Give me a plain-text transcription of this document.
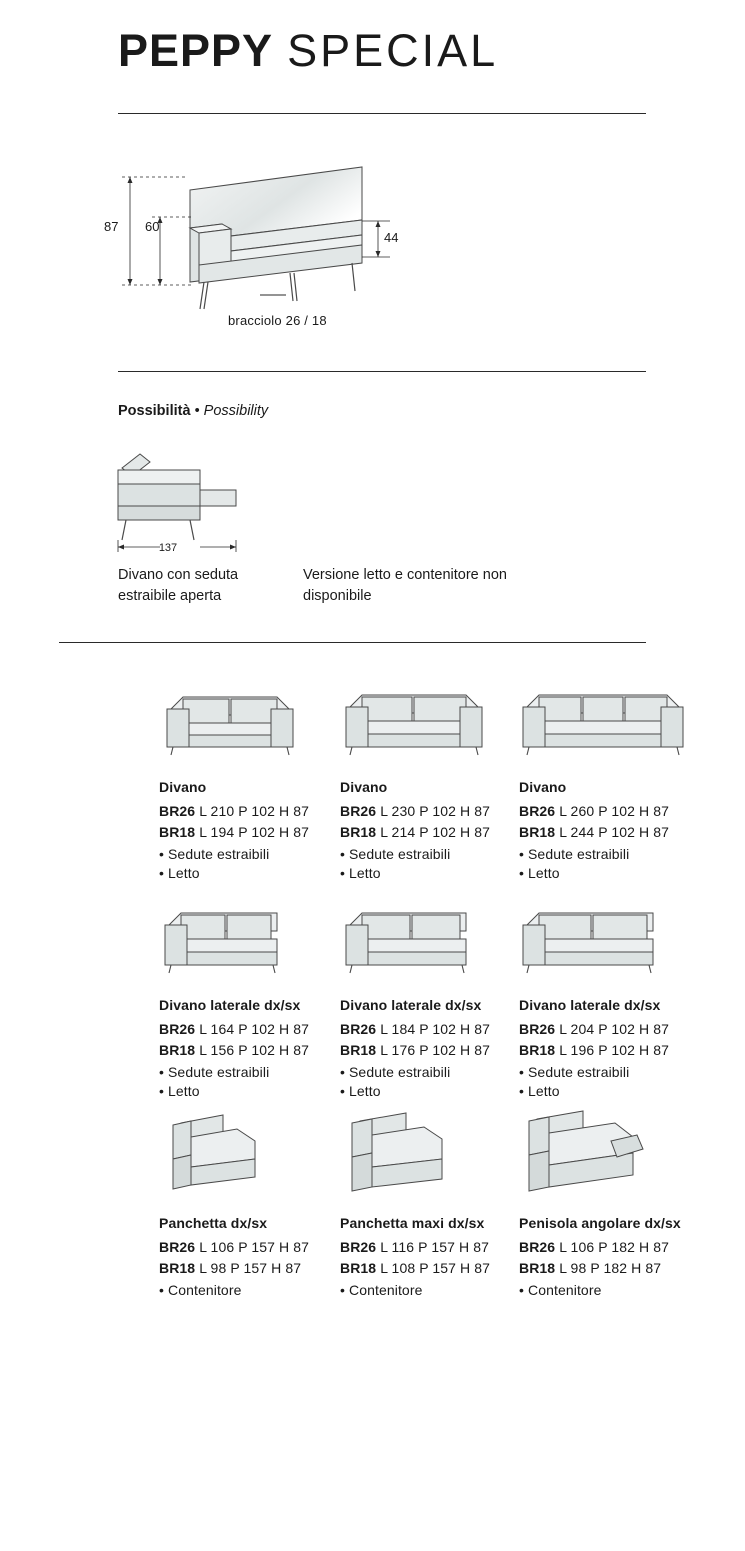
PEPPY SPECIAL
87 60
44
bracciolo 26 / 18
Possibilità • Possibility
137
Divano con seduta estraibile aperta
Versione letto e contenitore non disponibile
Divano
BR26 L 210 P 102 H 87
BR18 L 194 P 102 H 87
• Sedute estraibili
• Letto
Divano
BR26 L 230 P 102 H 87
BR18 L 214 P 102 H 87
• Sedute estraibili
• Letto
Divano
BR26 L 260 P 102 H 87
BR18 L 244 P 102 H 87
• Sedute estraibili
• Letto
Divano laterale dx/sx
BR26 L 164 P 102 H 87
BR18 L 156 P 102 H 87
• Sedute estraibili
• Letto
Divano laterale dx/sx
BR26 L 184 P 102 H 87
BR18 L 176 P 102 H 87
• Sedute estraibili
• Letto
Divano laterale dx/sx
BR26 L 204 P 102 H 87
BR18 L 196 P 102 H 87
• Sedute estraibili
• Letto
Panchetta dx/sx
BR26 L 106 P 157 H 87
BR18 L 98 P 157 H 87
• Contenitore
Panchetta maxi dx/sx
BR26 L 116 P 157 H 87
BR18 L 108 P 157 H 87
• Contenitore
Penisola angolare dx/sx
BR26 L 106 P 182 H 87
BR18 L 98 P 182 H 87
• Contenitore
